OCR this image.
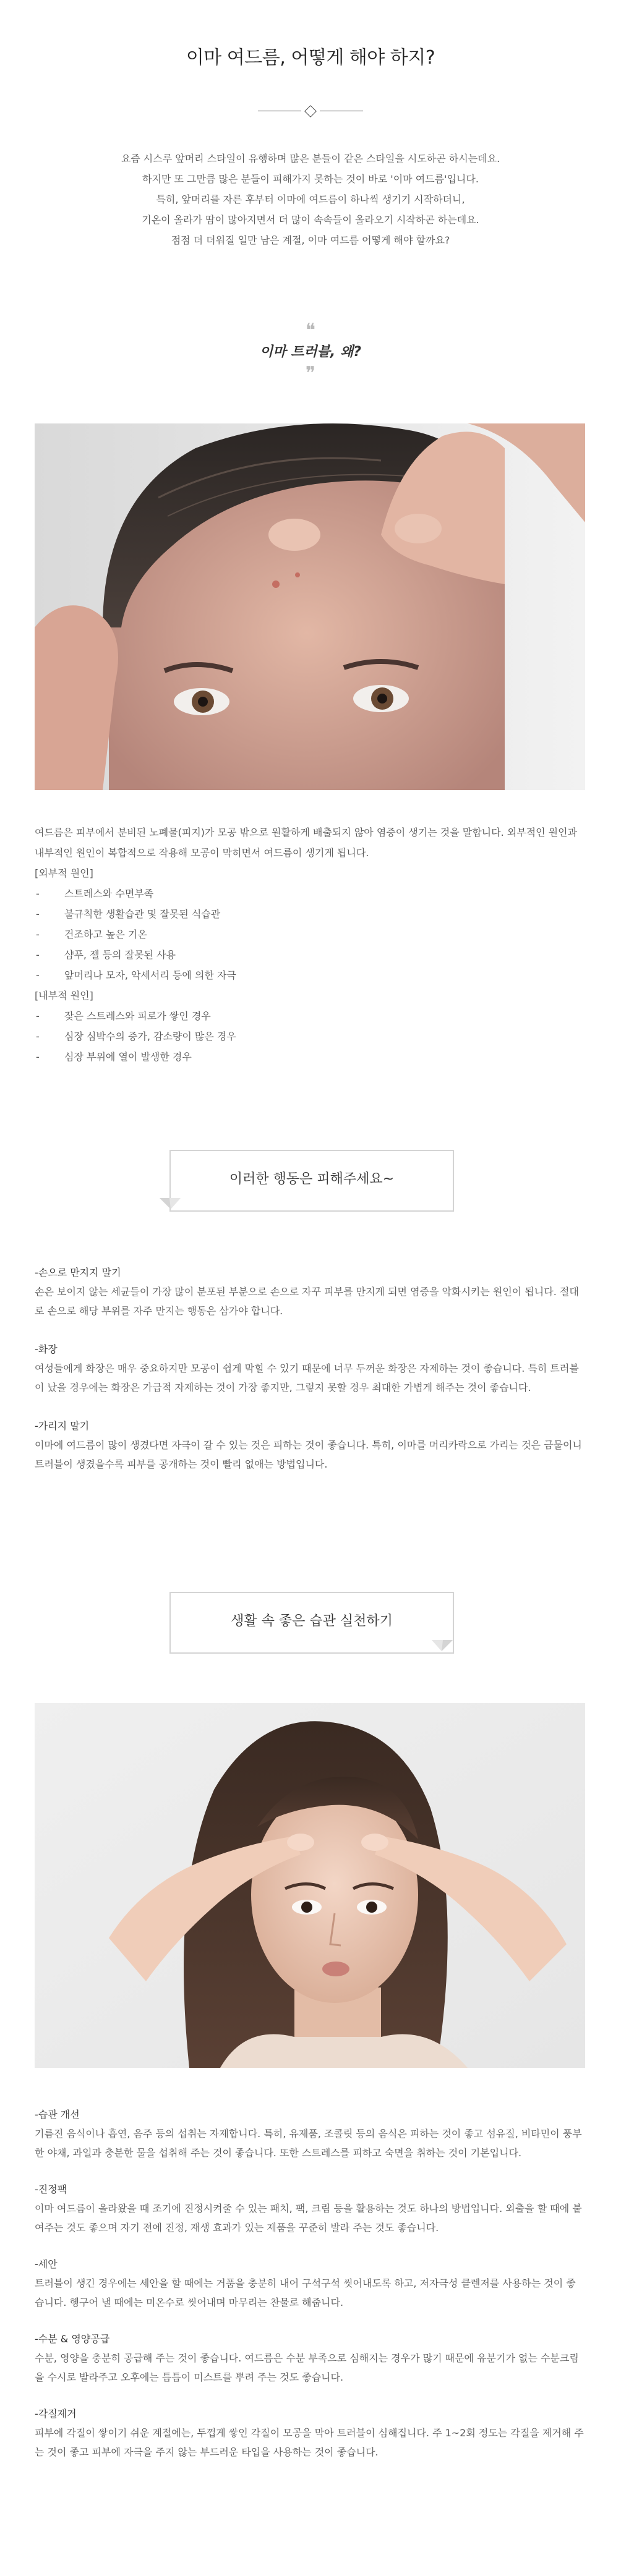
이마 여드름, 어떻게 해야 하지?

요즘 시스루 앞머리 스타일이 유행하며 많은 분들이 같은 스타일을 시도하곤 하시는데요.

하지만 또 그만큼 많은 분들이 피해가지 못하는 것이 바로 '이마 여드름'입니다.

특히, 앞머리를 자른 후부터 이마에 여드름이 하나씩 생기기 시작하더니,

기온이 올라가 땀이 많아지면서 더 많이 속속들이 올라오기 시작하곤 하는데요.

점점 더 더워질 일만 남은 계절, 이마 여드름 어떻게 해야 할까요?

❝
이마 트러블, 왜?
❞

여드름은 피부에서 분비된 노폐물(피지)가 모공 밖으로 원활하게 배출되지 않아 염증이 생기는 것을 말합니다. 외부적인 원인과 내부적인 원인이 복합적으로 작용해 모공이 막히면서 여드름이 생기게 됩니다.

[외부적 원인]

- 스트레스와 수면부족
- 불규칙한 생활습관 및 잘못된 식습관
- 건조하고 높은 기온
- 샴푸, 젤 등의 잘못된 사용
- 앞머리나 모자, 악세서리 등에 의한 자극

[내부적 원인]

- 잦은 스트레스와 피로가 쌓인 경우
- 심장 심박수의 증가, 감소량이 많은 경우
- 심장 부위에 열이 발생한 경우
이러한 행동은 피해주세요~

-손으로 만지지 말기

손은 보이지 않는 세균들이 가장 많이 분포된 부분으로 손으로 자꾸 피부를 만지게 되면 염증을 악화시키는 원인이 됩니다. 절대로 손으로 해당 부위를 자주 만지는 행동은 삼가야 합니다.

-화장

여성들에게 화장은 매우 중요하지만 모공이 쉽게 막힐 수 있기 때문에 너무 두꺼운 화장은 자제하는 것이 좋습니다. 특히 트러블이 났을 경우에는 화장은 가급적 자제하는 것이 가장 좋지만, 그렇지 못할 경우 최대한 가볍게 해주는 것이 좋습니다.

-가리지 말기

이마에 여드름이 많이 생겼다면 자극이 갈 수 있는 것은 피하는 것이 좋습니다. 특히, 이마를 머리카락으로 가리는 것은 금물이니 트러블이 생겼을수록 피부를 공개하는 것이 빨리 없애는 방법입니다.

생활 속 좋은 습관 실천하기

-습관 개선

기름진 음식이나 흡연, 음주 등의 섭취는 자제합니다. 특히, 유제품, 조콜릿 등의 음식은 피하는 것이 좋고 섬유질, 비타민이 풍부한 야채, 과일과 충분한 물을 섭취해 주는 것이 좋습니다. 또한 스트레스를 피하고 숙면을 취하는 것이 기본입니다.

-진정팩

이마 여드름이 올라왔을 때 조기에 진정시켜줄 수 있는 패치, 팩, 크림 등을 활용하는 것도 하나의 방법입니다. 외출을 할 때에 붙여주는 것도 좋으며 자기 전에 진정, 재생 효과가 있는 제품을 꾸준히 발라 주는 것도 좋습니다.

-세안

트러블이 생긴 경우에는 세안을 할 때에는 거품을 충분히 내어 구석구석 씻어내도록 하고, 저자극성 클렌저를 사용하는 것이 좋습니다. 헹구어 낼 때에는 미온수로 씻어내며 마무리는 찬물로 해줍니다.

-수분 & 영양공급

수분, 영양을 충분히 공급해 주는 것이 좋습니다. 여드름은 수분 부족으로 심해지는 경우가 많기 때문에 유분기가 없는 수분크림을 수시로 발라주고 오후에는 틈틈이 미스트를 뿌려 주는 것도 좋습니다.

-각질제거

피부에 각질이 쌓이기 쉬운 계절에는, 두껍게 쌓인 각질이 모공을 막아 트러블이 심해집니다. 주 1~2회 정도는 각질을 제거해 주는 것이 좋고 피부에 자극을 주지 않는 부드러운 타입을 사용하는 것이 좋습니다.
